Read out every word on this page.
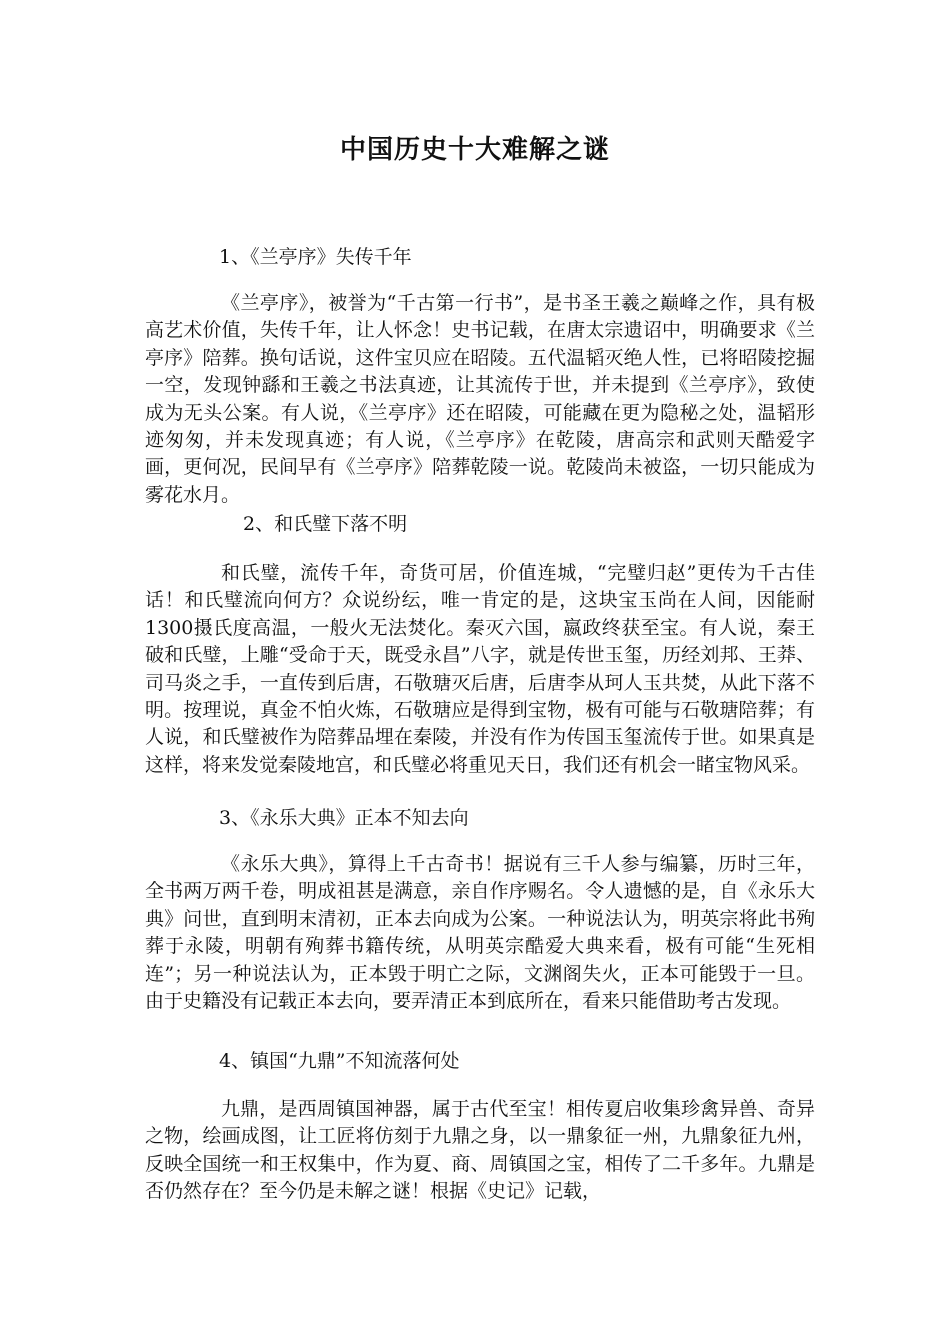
中国历史十大难解之谜

1、《兰亭序》失传千年

《兰亭序》，被誉为“千古第一行书”，是书圣王羲之巅峰之作，具有极高艺术价值，失传千年，让人怀念！史书记载，在唐太宗遗诏中，明确要求《兰亭序》陪葬。换句话说，这件宝贝应在昭陵。五代温韬灭绝人性，已将昭陵挖掘一空，发现钟繇和王羲之书法真迹，让其流传于世，并未提到《兰亭序》，致使成为无头公案。有人说，《兰亭序》还在昭陵，可能藏在更为隐秘之处，温韬形迹匆匆，并未发现真迹；有人说，《兰亭序》在乾陵，唐高宗和武则天酷爱字画，更何况，民间早有《兰亭序》陪葬乾陵一说。乾陵尚未被盗，一切只能成为雾花水月。

2、和氏璧下落不明

和氏璧，流传千年，奇货可居，价值连城，“完璧归赵”更传为千古佳话！和氏璧流向何方？众说纷纭，唯一肯定的是，这块宝玉尚在人间，因能耐1300摄氏度高温，一般火无法焚化。秦灭六国，嬴政终获至宝。有人说，秦王破和氏璧，上雕“受命于天，既受永昌”八字，就是传世玉玺，历经刘邦、王莽、司马炎之手，一直传到后唐，石敬瑭灭后唐，后唐李从珂人玉共焚，从此下落不明。按理说，真金不怕火炼，石敬瑭应是得到宝物，极有可能与石敬瑭陪葬；有人说，和氏璧被作为陪葬品埋在秦陵，并没有作为传国玉玺流传于世。如果真是这样，将来发觉秦陵地宫，和氏璧必将重见天日，我们还有机会一睹宝物风采。

3、《永乐大典》正本不知去向

《永乐大典》，算得上千古奇书！据说有三千人参与编纂，历时三年，全书两万两千卷，明成祖甚是满意，亲自作序赐名。令人遗憾的是，自《永乐大典》问世，直到明末清初，正本去向成为公案。一种说法认为，明英宗将此书殉葬于永陵，明朝有殉葬书籍传统，从明英宗酷爱大典来看，极有可能“生死相连”；另一种说法认为，正本毁于明亡之际，文渊阁失火，正本可能毁于一旦。由于史籍没有记载正本去向，要弄清正本到底所在，看来只能借助考古发现。

4、镇国“九鼎”不知流落何处

九鼎，是西周镇国神器，属于古代至宝！相传夏启收集珍禽异兽、奇异之物，绘画成图，让工匠将仿刻于九鼎之身，以一鼎象征一州，九鼎象征九州，反映全国统一和王权集中，作为夏、商、周镇国之宝，相传了二千多年。九鼎是否仍然存在？至今仍是未解之谜！根据《史记》记载，
